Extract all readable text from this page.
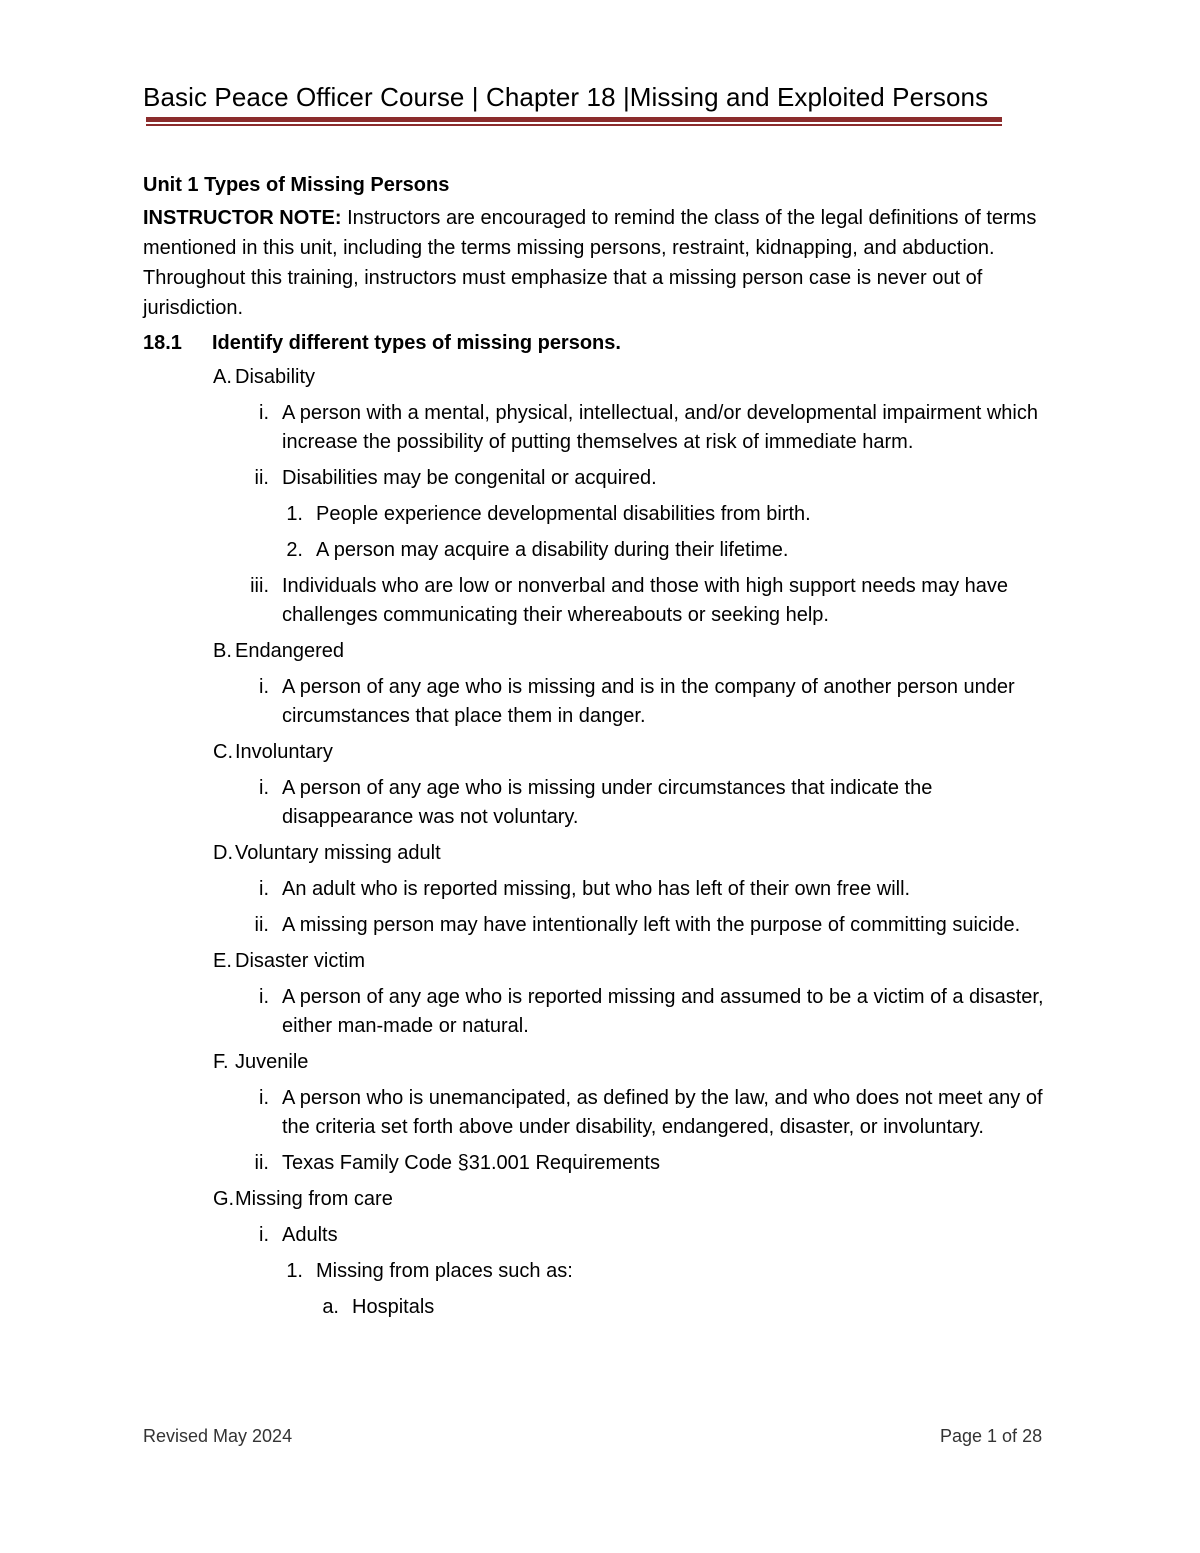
Basic Peace Officer Course | Chapter 18 |Missing and Exploited Persons
Unit 1 Types of Missing Persons
INSTRUCTOR NOTE: Instructors are encouraged to remind the class of the legal definitions of terms mentioned in this unit, including the terms missing persons, restraint, kidnapping, and abduction. Throughout this training, instructors must emphasize that a missing person case is never out of jurisdiction.
18.1	Identify different types of missing persons.
A. Disability
i. A person with a mental, physical, intellectual, and/or developmental impairment which increase the possibility of putting themselves at risk of immediate harm.
ii. Disabilities may be congenital or acquired.
1. People experience developmental disabilities from birth.
2. A person may acquire a disability during their lifetime.
iii. Individuals who are low or nonverbal and those with high support needs may have challenges communicating their whereabouts or seeking help.
B. Endangered
i. A person of any age who is missing and is in the company of another person under circumstances that place them in danger.
C. Involuntary
i. A person of any age who is missing under circumstances that indicate the disappearance was not voluntary.
D. Voluntary missing adult
i. An adult who is reported missing, but who has left of their own free will.
ii. A missing person may have intentionally left with the purpose of committing suicide.
E. Disaster victim
i. A person of any age who is reported missing and assumed to be a victim of a disaster, either man-made or natural.
F. Juvenile
i. A person who is unemancipated, as defined by the law, and who does not meet any of the criteria set forth above under disability, endangered, disaster, or involuntary.
ii. Texas Family Code §31.001 Requirements
G. Missing from care
i. Adults
1. Missing from places such as:
a. Hospitals
Revised May 2024	Page 1 of 28
